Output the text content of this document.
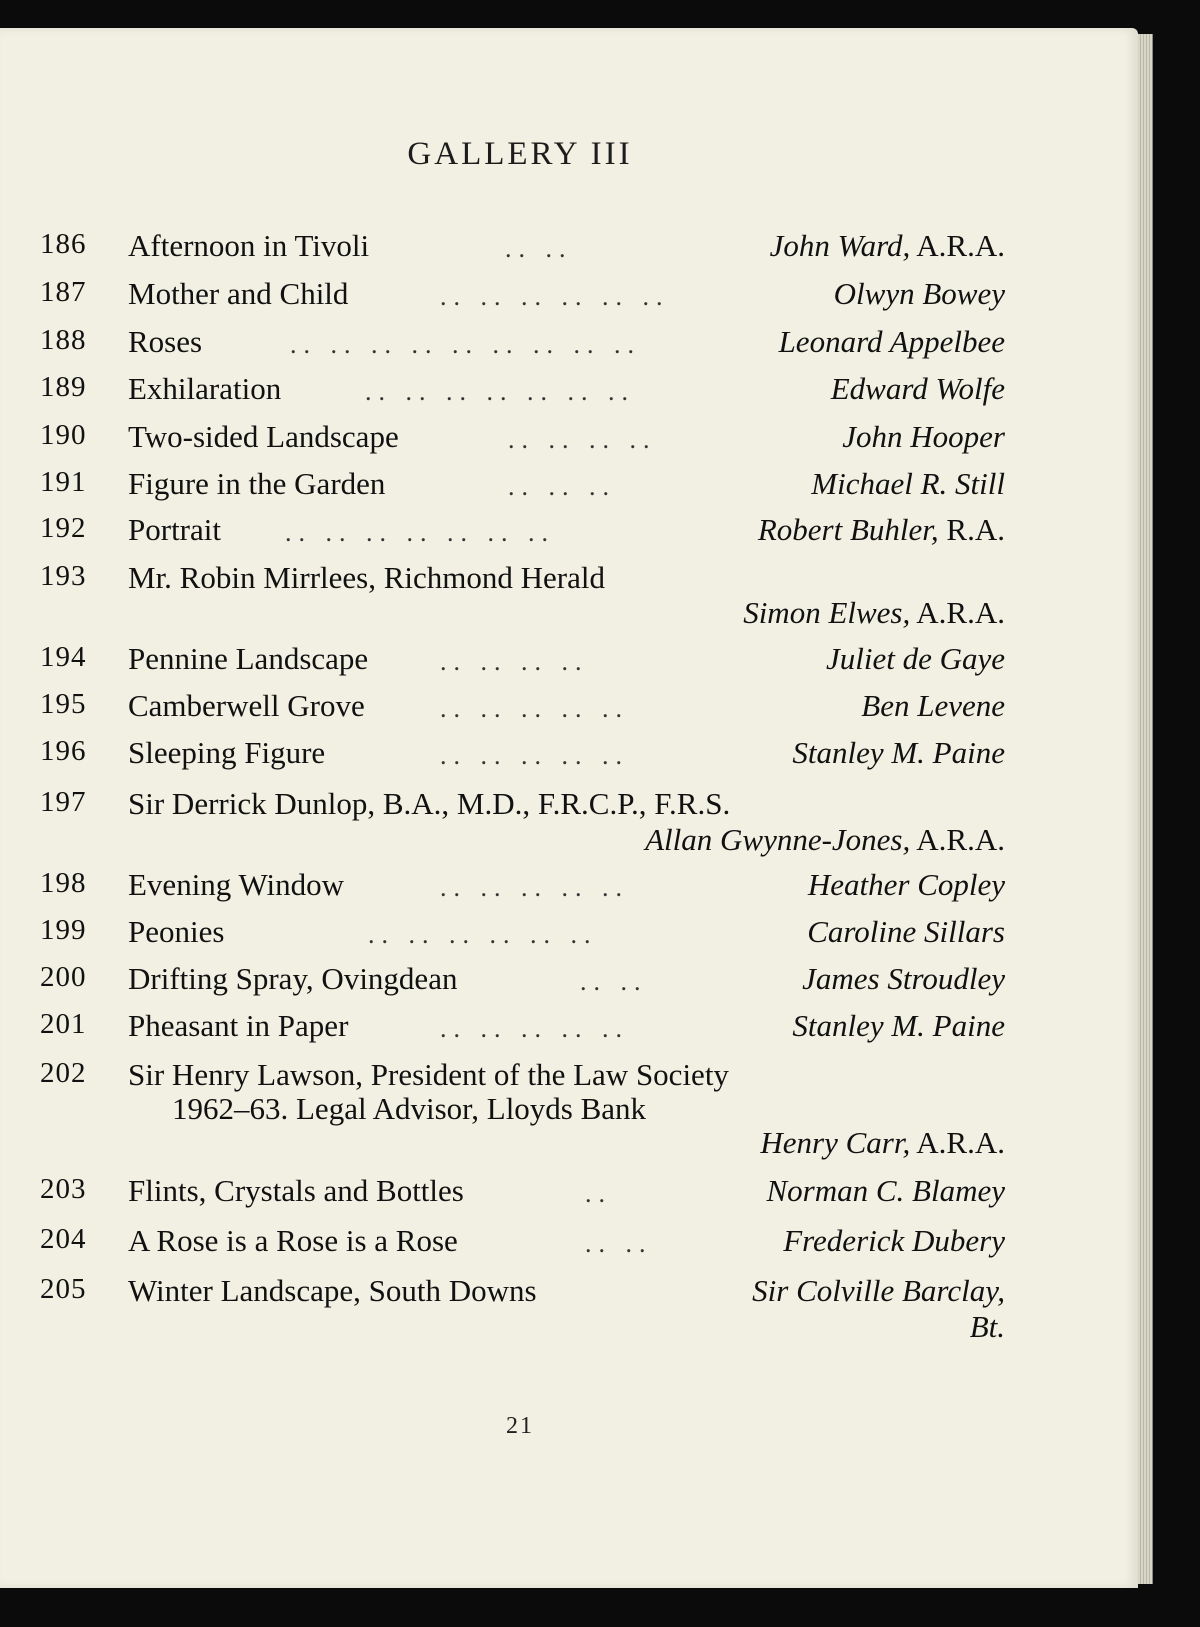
GALLERY III
186 Afternoon in Tivoli	.. ..	John Ward, A.R.A.
187 Mother and Child	.. .. .. .. .. ..	Olwyn Bowey
188 Roses	.. .. .. .. .. .. .. .. ..	Leonard Appelbee
189 Exhilaration	.. .. .. .. .. .. ..	Edward Wolfe
190 Two-sided Landscape	.. .. .. ..	John Hooper
191 Figure in the Garden	.. .. ..	Michael R. Still
192 Portrait .. .. .. .. .. .. ..	Robert Buhler, R.A.
193 Mr. Robin Mirrlees, Richmond Herald
Simon Elwes, A.R.A.
194 Pennine Landscape	.. .. .. ..	Juliet de Gaye
195 Camberwell Grove	.. .. .. .. ..	Ben Levene
196 Sleeping Figure	.. .. .. .. ..	Stanley M. Paine
197 Sir Derrick Dunlop, B.A., M.D., F.R.C.P., F.R.S.
Allan Gwynne-Jones, A.R.A.
198 Evening Window	.. .. .. .. ..	Heather Copley
199 Peonies	.. .. .. .. .. ..	Caroline Sillars
200 Drifting Spray, Ovingdean	.. ..	James Stroudley
201 Pheasant in Paper	.. .. .. .. ..	Stanley M. Paine
202 Sir Henry Lawson, President of the Law Society
1962–63. Legal Advisor, Lloyds Bank
Henry Carr, A.R.A.
203 Flints, Crystals and Bottles	..	Norman C. Blamey
204 A Rose is a Rose is a Rose	.. ..	Frederick Dubery
205 Winter Landscape, South Downs	Sir Colville Barclay,
Bt.
21
